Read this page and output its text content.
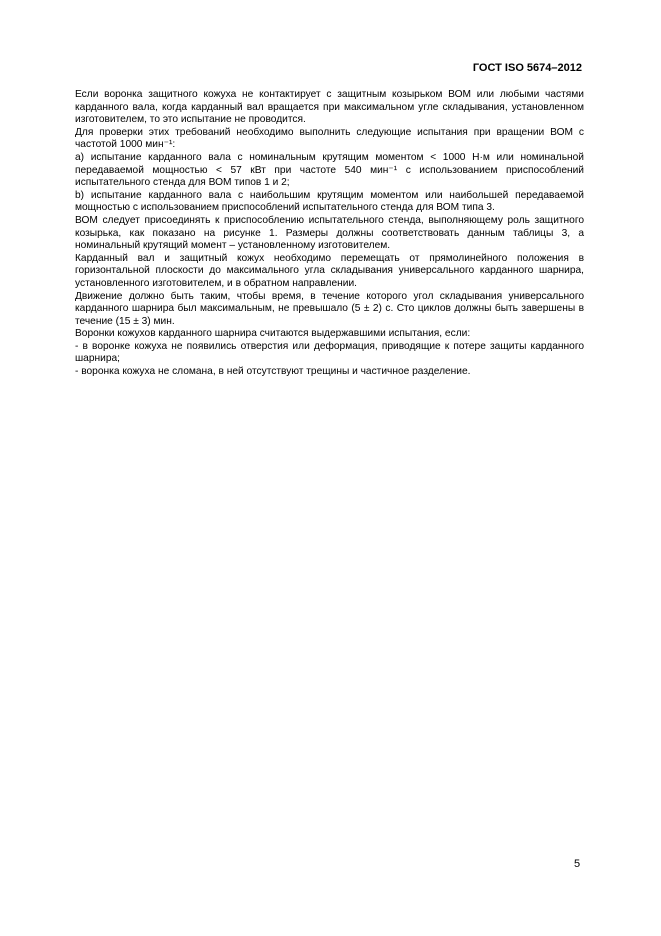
ГОСТ ISO 5674–2012

Если воронка защитного кожуха не контактирует с защитным козырьком ВОМ или любыми частями карданного вала, когда карданный вал вращается при максимальном угле складывания, установленном изготовителем, то это испытание не проводится.

Для проверки этих требований необходимо выполнить следующие испытания при вращении ВОМ с частотой 1000 мин⁻¹:

а) испытание карданного вала с номинальным крутящим моментом < 1000 Н·м или номинальной передаваемой мощностью < 57 кВт при частоте 540 мин⁻¹ с использованием приспособлений испытательного стенда для ВОМ типов 1 и 2;

b) испытание карданного вала с наибольшим крутящим моментом или наибольшей передаваемой мощностью с использованием приспособлений испытательного стенда для ВОМ типа 3.

ВОМ следует присоединять к приспособлению испытательного стенда, выполняющему роль защитного козырька, как показано на рисунке 1. Размеры должны соответствовать данным таблицы 3, а номинальный крутящий момент – установленному изготовителем.

Карданный вал и защитный кожух необходимо перемещать от прямолинейного положения в горизонтальной плоскости до максимального угла складывания универсального карданного шарнира, установленного изготовителем, и в обратном направлении.

Движение должно быть таким, чтобы время, в течение которого угол складывания универсального карданного шарнира был максимальным, не превышало (5 ± 2) с. Сто циклов должны быть завершены в течение (15 ± 3) мин.

Воронки кожухов карданного шарнира считаются выдержавшими испытания, если:

- в воронке кожуха не появились отверстия или деформация, приводящие к потере защиты карданного шарнира;

- воронка кожуха не сломана, в ней отсутствуют трещины и частичное разделение.

5
